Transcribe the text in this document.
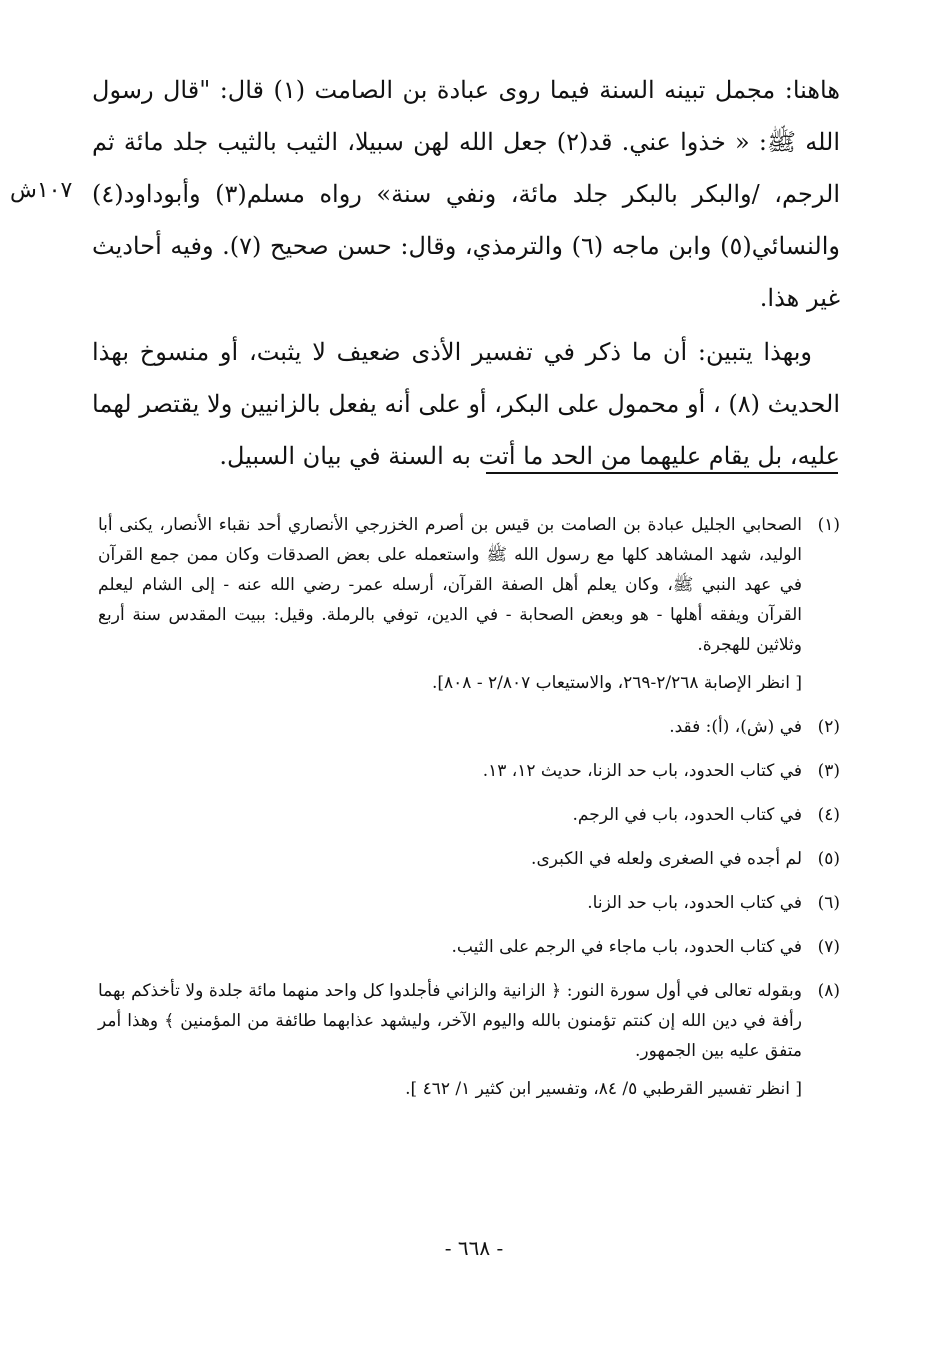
هاهنا: مجمل تبينه السنة فيما روى عبادة بن الصامت (١) قال: "قال رسول الله ﷺ: « خذوا عني. قد(٢) جعل الله لهن سبيلا، الثيب بالثيب جلد مائة ثم الرجم، /والبكر بالبكر جلد مائة، ونفي سنة» رواه مسلم(٣) وأبوداود(٤) والنسائي(٥) وابن ماجه (٦) والترمذي، وقال: حسن صحيح (٧). وفيه أحاديث غير هذا.

وبهذا يتبين: أن ما ذكر في تفسير الأذى ضعيف لا يثبت، أو منسوخ بهذا الحديث (٨) ، أو محمول على البكر، أو على أنه يفعل بالزانيين ولا يقتصر لهما عليه، بل يقام عليهما من الحد ما أتت به السنة في بيان السبيل.

١٠٧ش
(١)
الصحابي الجليل عبادة بن الصامت بن قيس بن أصرم الخزرجي الأنصاري أحد نقباء الأنصار، يكنى أبا الوليد، شهد المشاهد كلها مع رسول الله ﷺ واستعمله على بعض الصدقات وكان ممن جمع القرآن في عهد النبي ﷺ، وكان يعلم أهل الصفة القرآن، أرسله عمر- رضي الله عنه - إلى الشام ليعلم القرآن ويفقه أهلها - هو وبعض الصحابة - في الدين، توفي بالرملة. وقيل: ببيت المقدس سنة أربع وثلاثين للهجرة.
[ انظر الإصابة ٢/٢٦٨-٢٦٩، والاستيعاب ٢/٨٠٧ - ٨٠٨].
(٢)
في (ش)، (أ): فقد.
(٣)
في كتاب الحدود، باب حد الزنا، حديث ١٢، ١٣.
(٤)
في كتاب الحدود، باب في الرجم.
(٥)
لم أجده في الصغرى ولعله في الكبرى.
(٦)
في كتاب الحدود، باب حد الزنا.
(٧)
في كتاب الحدود، باب ماجاء في الرجم على الثيب.
(٨)
وبقوله تعالى في أول سورة النور: ﴿ الزانية والزاني فأجلدوا كل واحد منهما مائة جلدة ولا تأخذكم بهما رأفة في دين الله إن كنتم تؤمنون بالله واليوم الآخر، وليشهد عذابهما طائفة من المؤمنين ﴾ وهذا أمر متفق عليه بين الجمهور.
[ انظر تفسير القرطبي ٥/ ٨٤، وتفسير ابن كثير ١/ ٤٦٢ ].
- ٦٦٨ -
